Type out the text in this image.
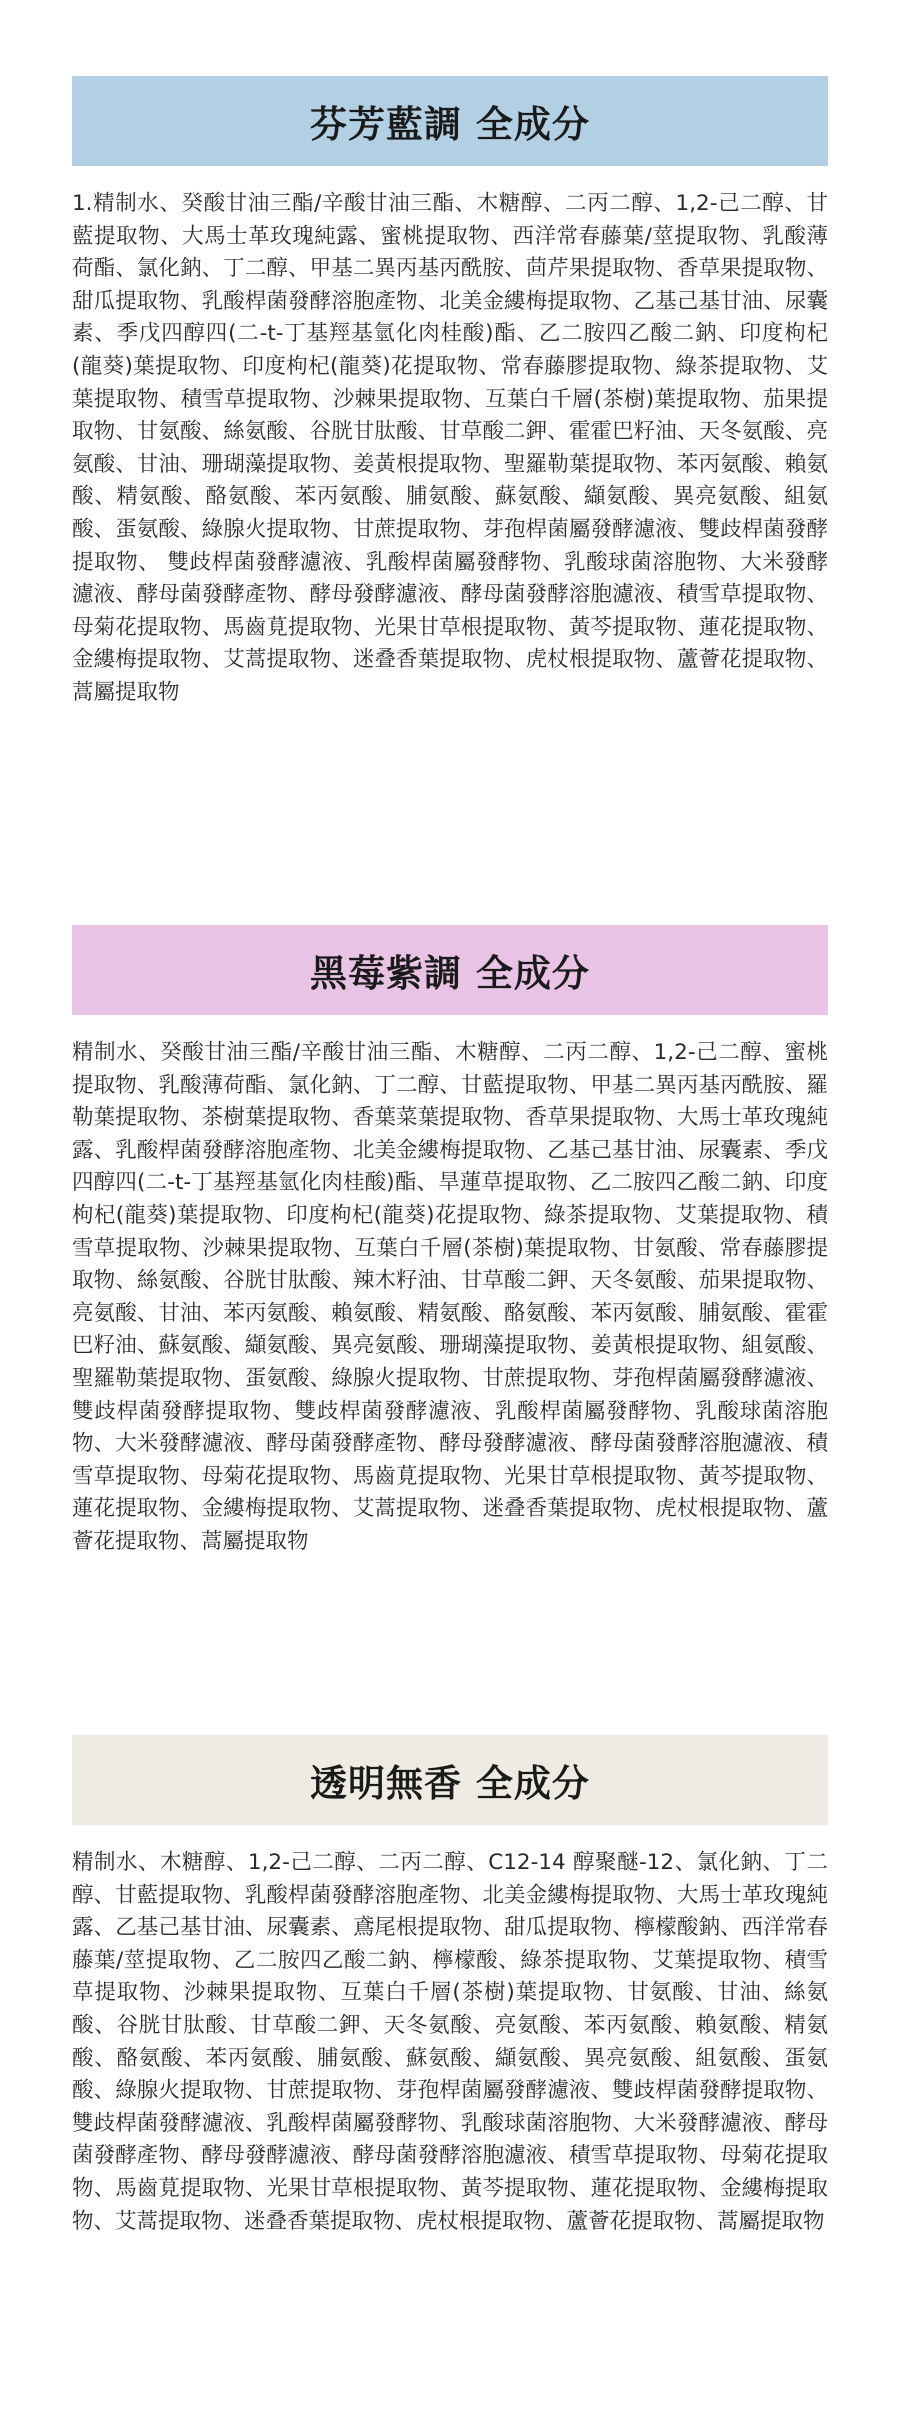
芬芳藍調 全成分
1.精制水、癸酸甘油三酯/辛酸甘油三酯、木糖醇、二丙二醇、1,2-己二醇、甘藍提取物、大馬士革玫瑰純露、蜜桃提取物、西洋常春藤葉/莖提取物、乳酸薄荷酯、氯化鈉、丁二醇、甲基二異丙基丙酰胺、茴芹果提取物、香草果提取物、甜瓜提取物、乳酸桿菌發酵溶胞產物、北美金縷梅提取物、乙基己基甘油、尿囊素、季戊四醇四(二-t-丁基羥基氫化肉桂酸)酯、乙二胺四乙酸二鈉、印度枸杞(龍葵)葉提取物、印度枸杞(龍葵)花提取物、常春藤膠提取物、綠茶提取物、艾葉提取物、積雪草提取物、沙棘果提取物、互葉白千層(茶樹)葉提取物、茄果提取物、甘氨酸、絲氨酸、谷胱甘肽酸、甘草酸二鉀、霍霍巴籽油、天冬氨酸、亮氨酸、甘油、珊瑚藻提取物、姜黃根提取物、聖羅勒葉提取物、苯丙氨酸、賴氨酸、精氨酸、酪氨酸、苯丙氨酸、脯氨酸、蘇氨酸、纈氨酸、異亮氨酸、組氨酸、蛋氨酸、綠腺火提取物、甘蔗提取物、芽孢桿菌屬發酵濾液、雙歧桿菌發酵提取物、 雙歧桿菌發酵濾液、乳酸桿菌屬發酵物、乳酸球菌溶胞物、大米發酵濾液、酵母菌發酵產物、酵母發酵濾液、酵母菌發酵溶胞濾液、積雪草提取物、母菊花提取物、馬齒莧提取物、光果甘草根提取物、黃芩提取物、蓮花提取物、金縷梅提取物、艾蒿提取物、迷叠香葉提取物、虎杖根提取物、蘆薈花提取物、蒿屬提取物
黑莓紫調 全成分
精制水、癸酸甘油三酯/辛酸甘油三酯、木糖醇、二丙二醇、1,2-己二醇、蜜桃提取物、乳酸薄荷酯、氯化鈉、丁二醇、甘藍提取物、甲基二異丙基丙酰胺、羅勒葉提取物、茶樹葉提取物、香葉菜葉提取物、香草果提取物、大馬士革玫瑰純露、乳酸桿菌發酵溶胞產物、北美金縷梅提取物、乙基己基甘油、尿囊素、季戊四醇四(二-t-丁基羥基氫化肉桂酸)酯、旱蓮草提取物、乙二胺四乙酸二鈉、印度枸杞(龍葵)葉提取物、印度枸杞(龍葵)花提取物、綠茶提取物、艾葉提取物、積雪草提取物、沙棘果提取物、互葉白千層(茶樹)葉提取物、甘氨酸、常春藤膠提取物、絲氨酸、谷胱甘肽酸、辣木籽油、甘草酸二鉀、天冬氨酸、茄果提取物、亮氨酸、甘油、苯丙氨酸、賴氨酸、精氨酸、酪氨酸、苯丙氨酸、脯氨酸、霍霍巴籽油、蘇氨酸、纈氨酸、異亮氨酸、珊瑚藻提取物、姜黃根提取物、組氨酸、聖羅勒葉提取物、蛋氨酸、綠腺火提取物、甘蔗提取物、芽孢桿菌屬發酵濾液、雙歧桿菌發酵提取物、雙歧桿菌發酵濾液、乳酸桿菌屬發酵物、乳酸球菌溶胞物、大米發酵濾液、酵母菌發酵產物、酵母發酵濾液、酵母菌發酵溶胞濾液、積雪草提取物、母菊花提取物、馬齒莧提取物、光果甘草根提取物、黃芩提取物、蓮花提取物、金縷梅提取物、艾蒿提取物、迷叠香葉提取物、虎杖根提取物、蘆薈花提取物、蒿屬提取物
透明無香 全成分
精制水、木糖醇、1,2-己二醇、二丙二醇、C12-14 醇聚醚-12、氯化鈉、丁二醇、甘藍提取物、乳酸桿菌發酵溶胞產物、北美金縷梅提取物、大馬士革玫瑰純露、乙基己基甘油、尿囊素、鳶尾根提取物、甜瓜提取物、檸檬酸鈉、西洋常春藤葉/莖提取物、乙二胺四乙酸二鈉、檸檬酸、綠茶提取物、艾葉提取物、積雪草提取物、沙棘果提取物、互葉白千層(茶樹)葉提取物、甘氨酸、甘油、絲氨酸、谷胱甘肽酸、甘草酸二鉀、天冬氨酸、亮氨酸、苯丙氨酸、賴氨酸、精氨酸、酪氨酸、苯丙氨酸、脯氨酸、蘇氨酸、纈氨酸、異亮氨酸、組氨酸、蛋氨酸、綠腺火提取物、甘蔗提取物、芽孢桿菌屬發酵濾液、雙歧桿菌發酵提取物、 雙歧桿菌發酵濾液、乳酸桿菌屬發酵物、乳酸球菌溶胞物、大米發酵濾液、酵母菌發酵產物、酵母發酵濾液、酵母菌發酵溶胞濾液、積雪草提取物、母菊花提取物、馬齒莧提取物、光果甘草根提取物、黃芩提取物、蓮花提取物、金縷梅提取物、艾蒿提取物、迷叠香葉提取物、虎杖根提取物、蘆薈花提取物、蒿屬提取物
